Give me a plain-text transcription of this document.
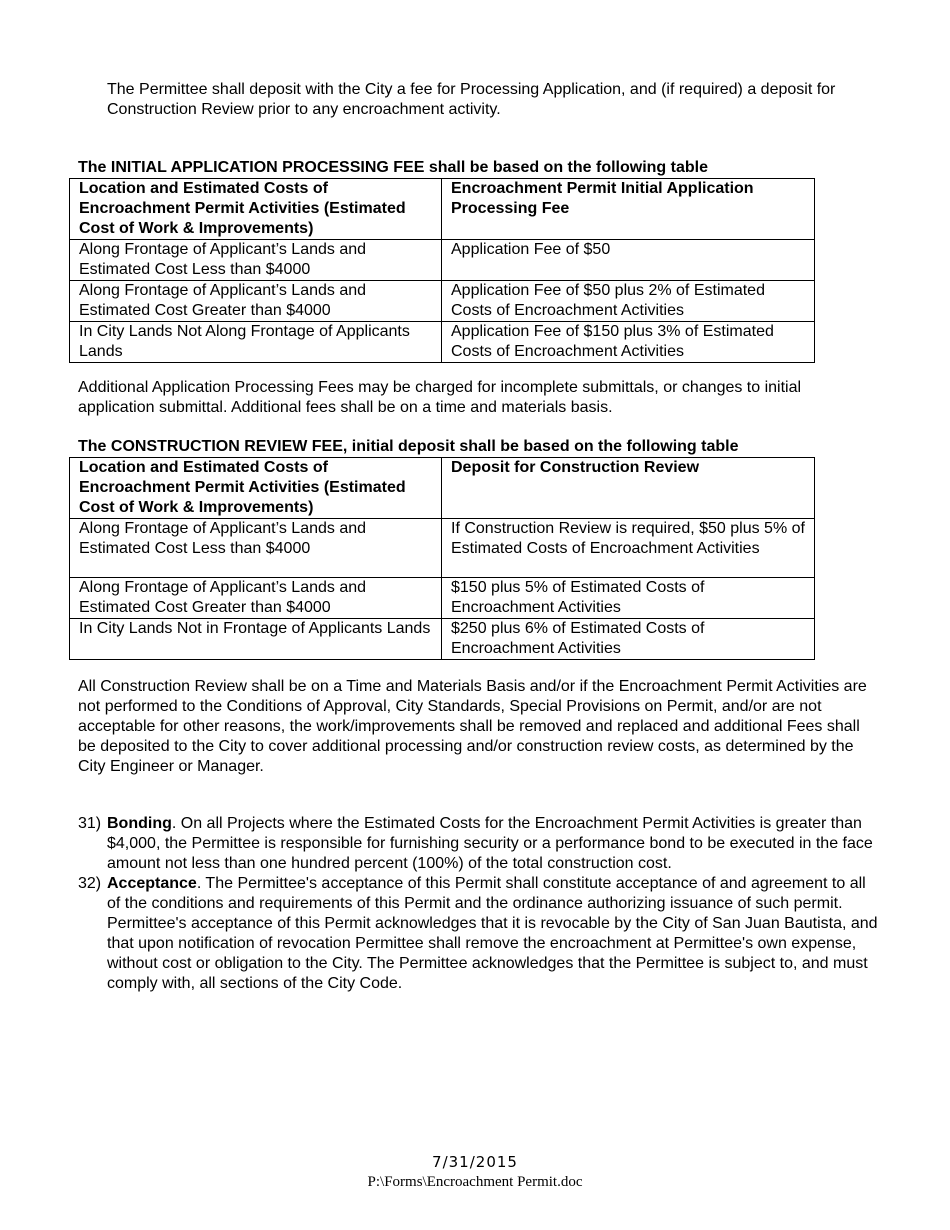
The Permittee shall deposit with the City a fee for Processing Application, and (if required) a deposit for Construction Review prior to any encroachment activity.

The INITIAL APPLICATION PROCESSING FEE shall be based on the following table
Location and Estimated Costs of Encroachment Permit Activities (Estimated Cost of Work & Improvements)	Encroachment Permit Initial Application Processing Fee
Along Frontage of Applicant’s Lands and Estimated Cost Less than $4000	Application Fee of $50
Along Frontage of Applicant’s Lands and Estimated Cost Greater than $4000	Application Fee of $50 plus 2% of Estimated Costs of Encroachment Activities
In City Lands Not Along Frontage of Applicants Lands	Application Fee of $150 plus 3% of Estimated Costs of Encroachment Activities

Additional Application Processing Fees may be charged for incomplete submittals, or changes to initial application submittal. Additional fees shall be on a time and materials basis.

The CONSTRUCTION REVIEW FEE, initial deposit shall be based on the following table
Location and Estimated Costs of Encroachment Permit Activities (Estimated Cost of Work & Improvements)	Deposit for Construction Review
Along Frontage of Applicant’s Lands and Estimated Cost Less than $4000	If Construction Review is required, $50 plus 5% of Estimated Costs of Encroachment Activities
Along Frontage of Applicant’s Lands and Estimated Cost Greater than $4000	$150 plus 5% of Estimated Costs of Encroachment Activities
In City Lands Not in Frontage of Applicants Lands	$250 plus 6% of Estimated Costs of Encroachment Activities

All Construction Review shall be on a Time and Materials Basis and/or if the Encroachment Permit Activities are not performed to the Conditions of Approval, City Standards, Special Provisions on Permit, and/or are not acceptable for other reasons, the work/improvements shall be removed and replaced and additional Fees shall be deposited to the City to cover additional processing and/or construction review costs, as determined by the City Engineer or Manager.

31) Bonding. On all Projects where the Estimated Costs for the Encroachment Permit Activities is greater than $4,000, the Permittee is responsible for furnishing security or a performance bond to be executed in the face amount not less than one hundred percent (100%) of the total construction cost.
32) Acceptance. The Permittee's acceptance of this Permit shall constitute acceptance of and agreement to all of the conditions and requirements of this Permit and the ordinance authorizing issuance of such permit. Permittee's acceptance of this Permit acknowledges that it is revocable by the City of San Juan Bautista, and that upon notification of revocation Permittee shall remove the encroachment at Permittee's own expense, without cost or obligation to the City. The Permittee acknowledges that the Permittee is subject to, and must comply with, all sections of the City Code.
7/31/2015
P:\Forms\Encroachment Permit.doc
